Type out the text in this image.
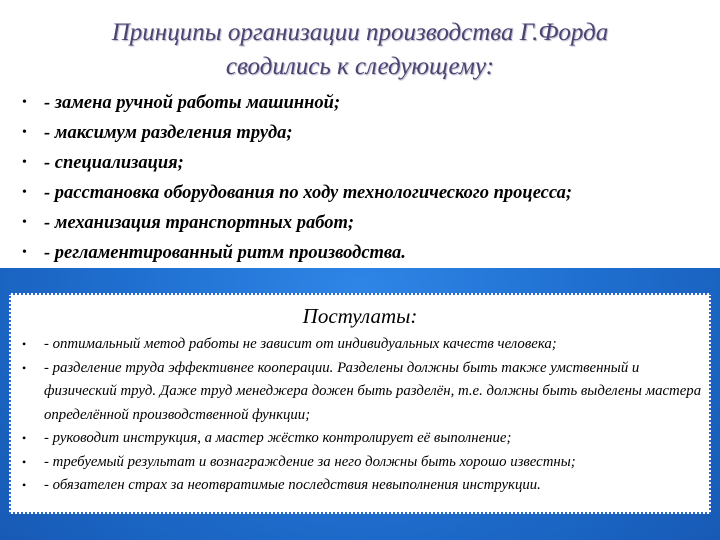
Принципы организации производства Г.Форда
сводились к следующему:
• - замена ручной работы машинной;
• - максимум разделения труда;
• - специализация;
• - расстановка оборудования по ходу технологического процесса;
• - механизация транспортных работ;
• - регламентированный ритм производства.
Постулаты:
• - оптимальный метод работы не зависит от индивидуальных качеств человека;
• - разделение труда эффективнее кооперации. Разделены должны быть также умственный и физический труд. Даже труд менеджера дожен быть разделён, т.е. должны быть выделены мастера определённой производственной функции;
• - руководит инструкция, а мастер жёстко контролирует её выполнение;
• - требуемый результат и вознаграждение за него должны быть хорошо известны;
• - обязателен страх за неотвратимые последствия невыполнения инструкции.
